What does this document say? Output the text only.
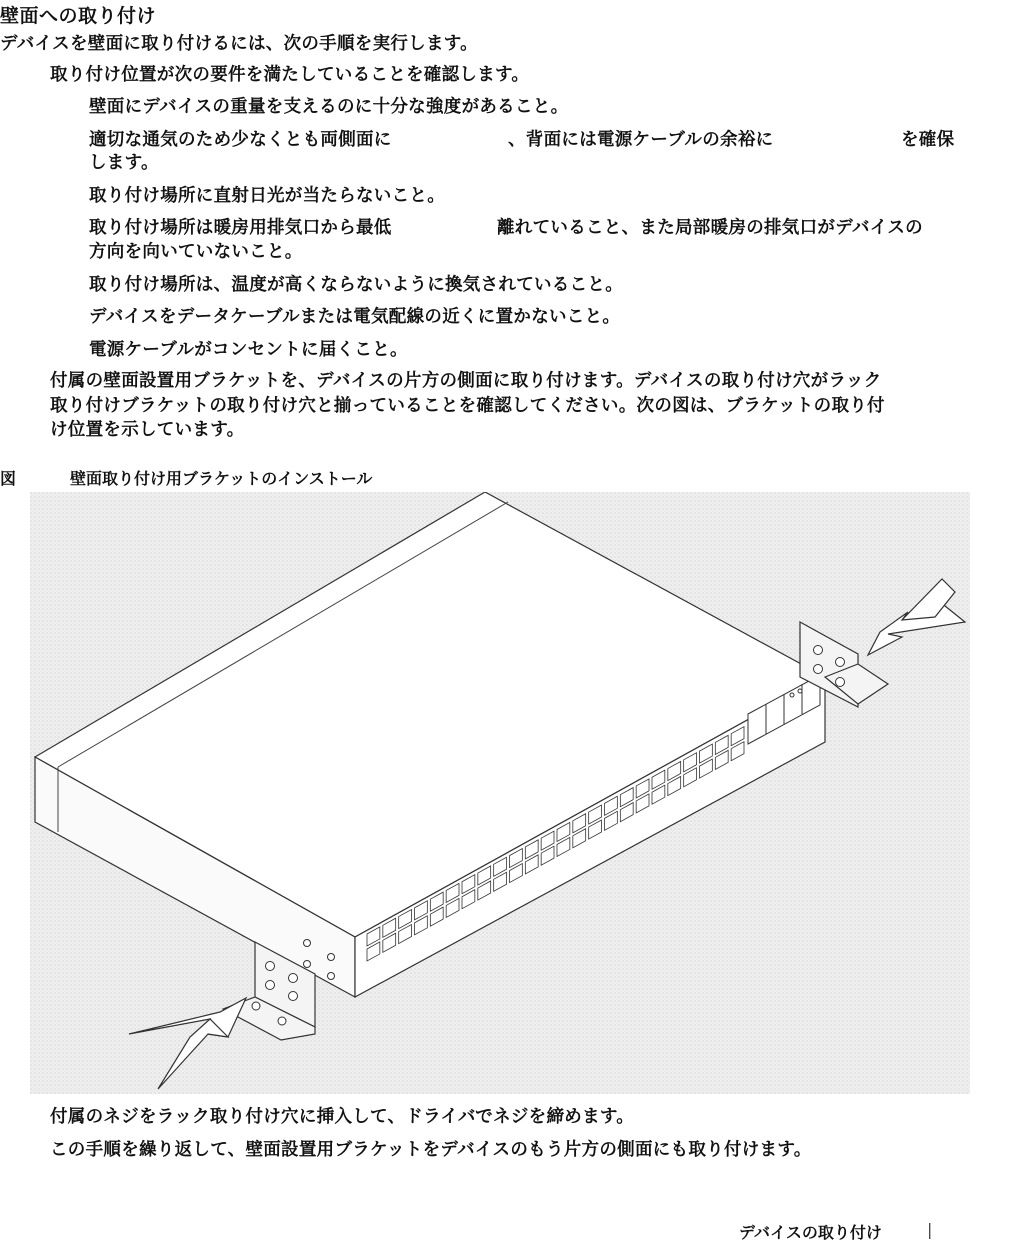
壁面への取り付け
デバイスを壁面に取り付けるには、次の手順を実行します。
取り付け位置が次の要件を満たしていることを確認します。
壁面にデバイスの重量を支えるのに十分な強度があること。
適切な通気のため少なくとも両側面に	、背面には電源ケーブルの余裕に	を確保
します。
取り付け場所に直射日光が当たらないこと。
取り付け場所は暖房用排気口から最低	離れていること、また局部暖房の排気口がデバイスの
方向を向いていないこと。
取り付け場所は、温度が高くならないように換気されていること。
デバイスをデータケーブルまたは電気配線の近くに置かないこと。
電源ケーブルがコンセントに届くこと。
付属の壁面設置用ブラケットを、デバイスの片方の側面に取り付けます。デバイスの取り付け穴がラック
取り付けブラケットの取り付け穴と揃っていることを確認してください。次の図は、ブラケットの取り付
け位置を示しています。
図	壁面取り付け用ブラケットのインストール
付属のネジをラック取り付け穴に挿入して、ドライバでネジを締めます。
この手順を繰り返して、壁面設置用ブラケットをデバイスのもう片方の側面にも取り付けます。
デバイスの取り付け	|
